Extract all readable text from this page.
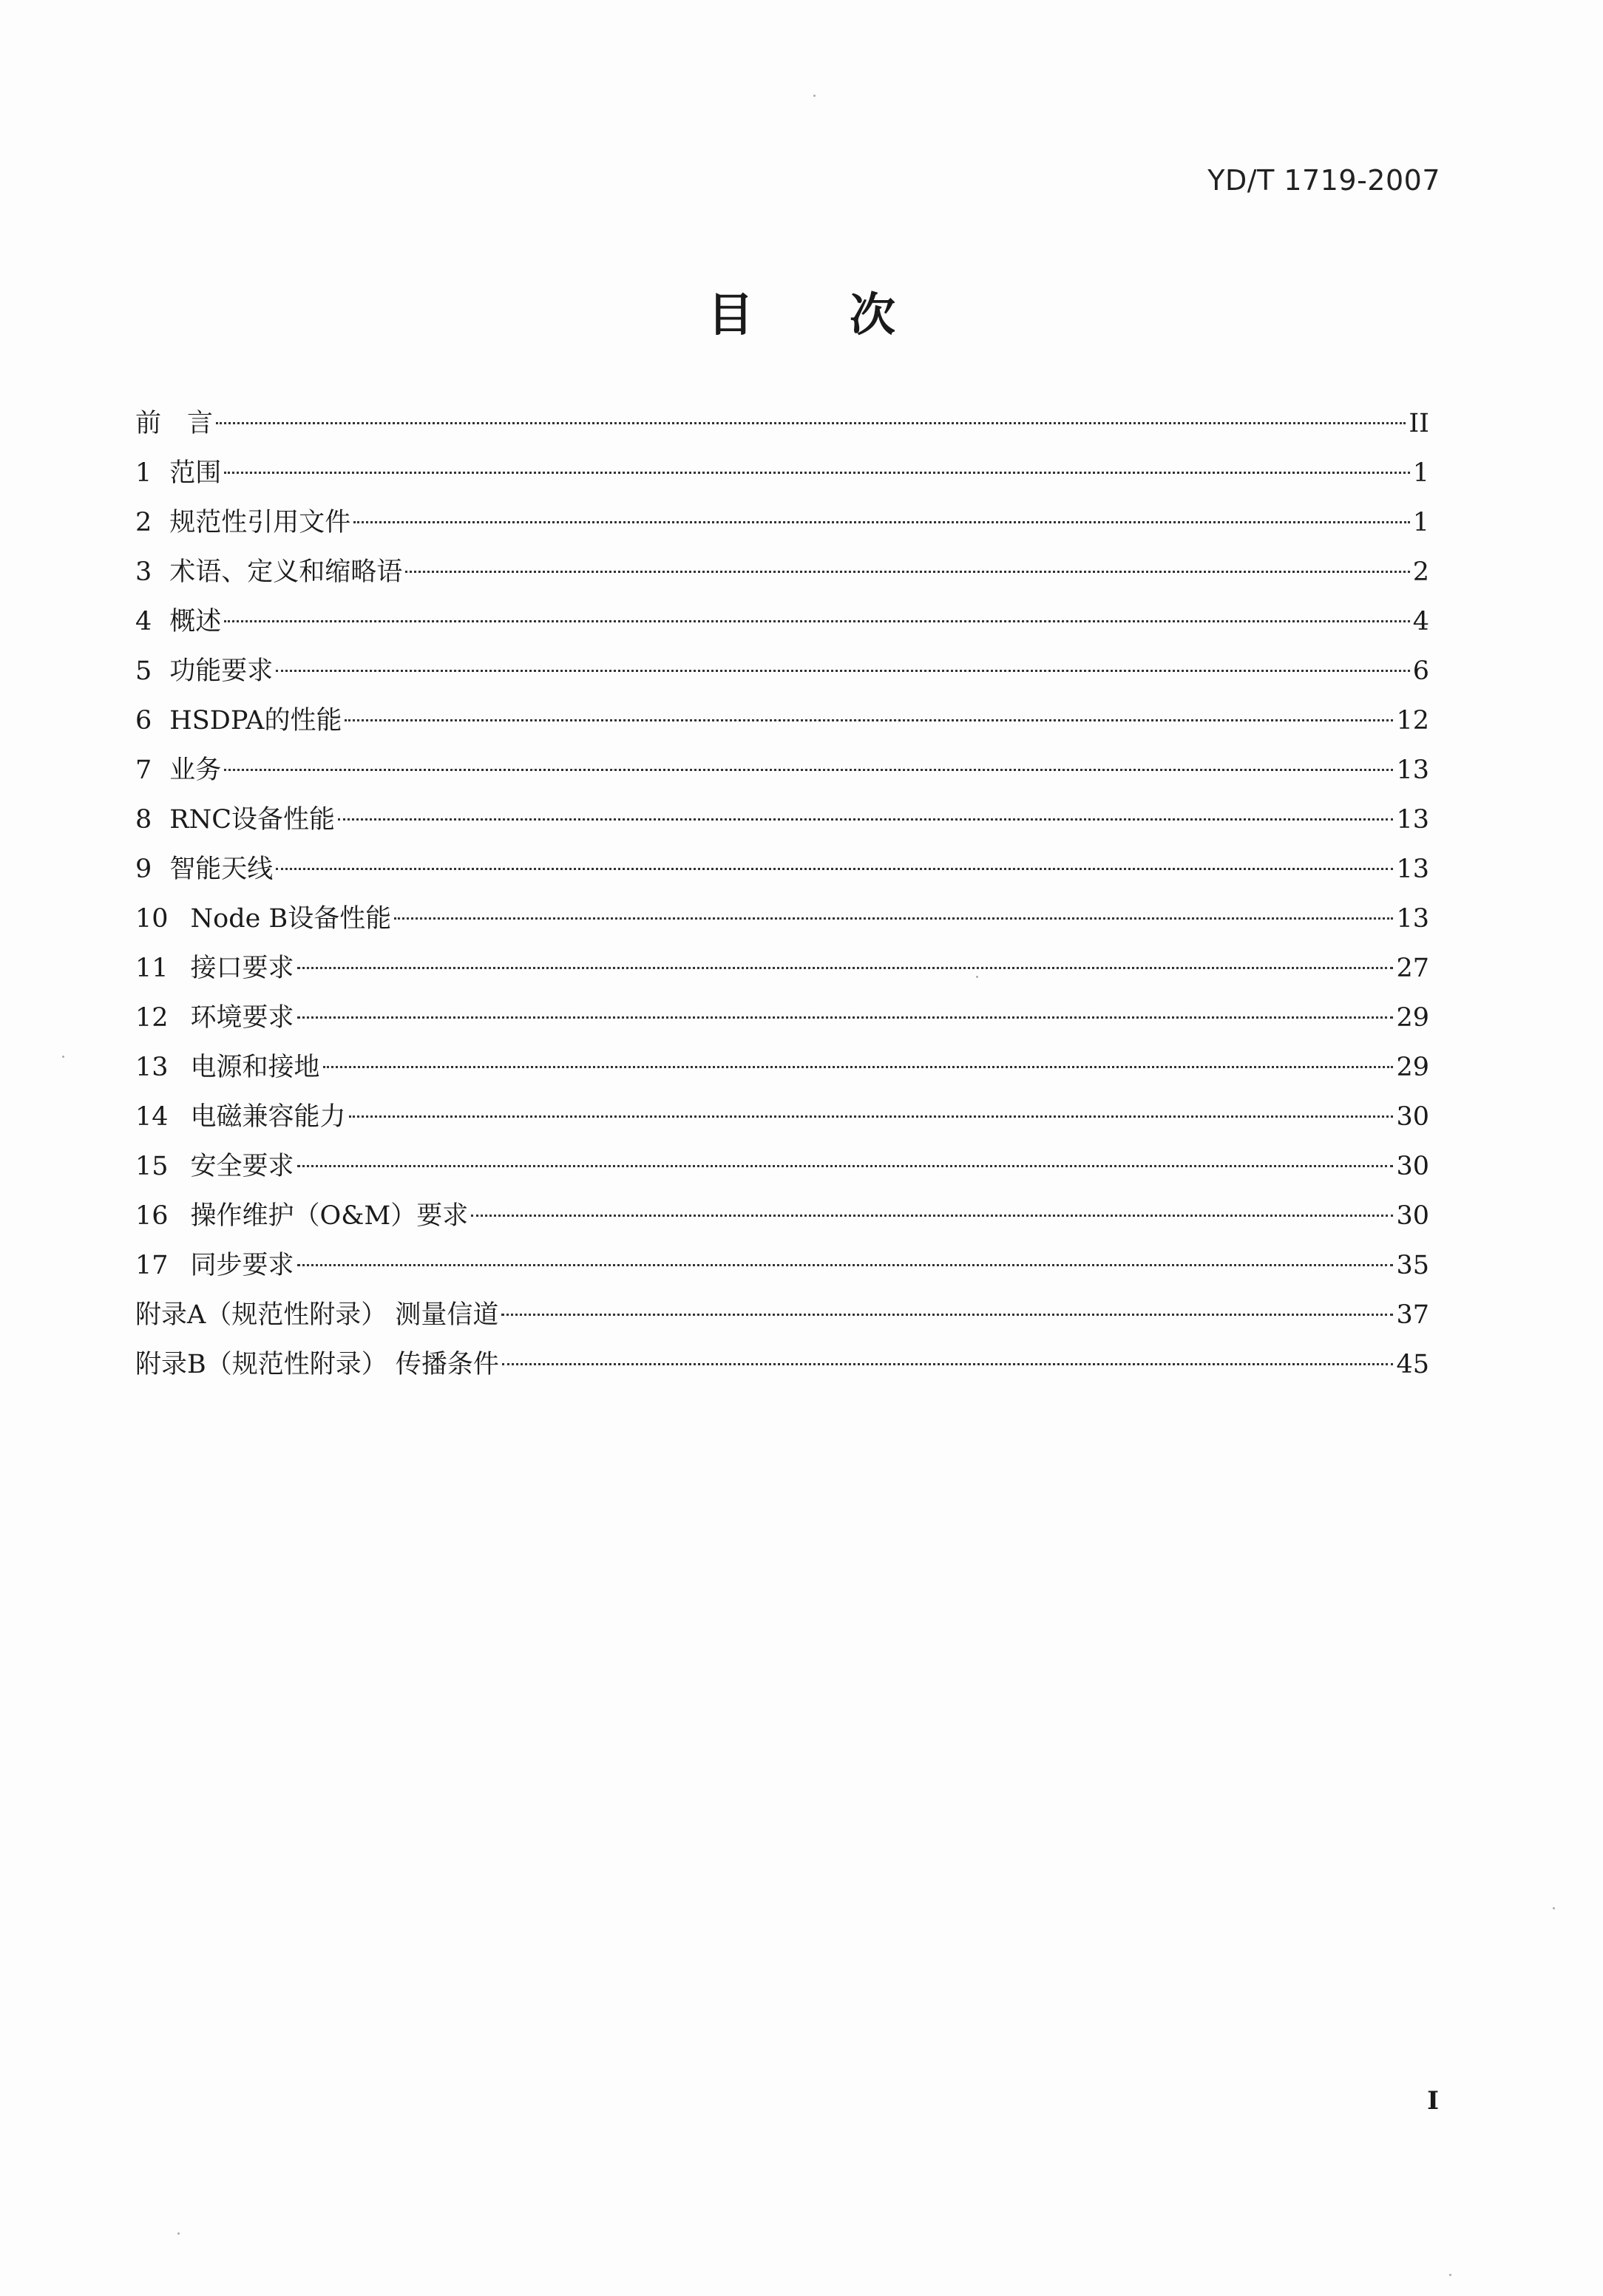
YD/T 1719-2007
目 次
前　言	II
1 范围	1
2 规范性引用文件	1
3 术语、定义和缩略语	2
4 概述	4
5 功能要求	6
6 HSDPA的性能	12
7 业务	13
8 RNC设备性能	13
9 智能天线	13
10 Node B设备性能	13
11 接口要求	27
12 环境要求	29
13 电源和接地	29
14 电磁兼容能力	30
15 安全要求	30
16 操作维护（O&M）要求	30
17 同步要求	35
附录A（规范性附录） 测量信道	37
附录B（规范性附录） 传播条件	45
I
